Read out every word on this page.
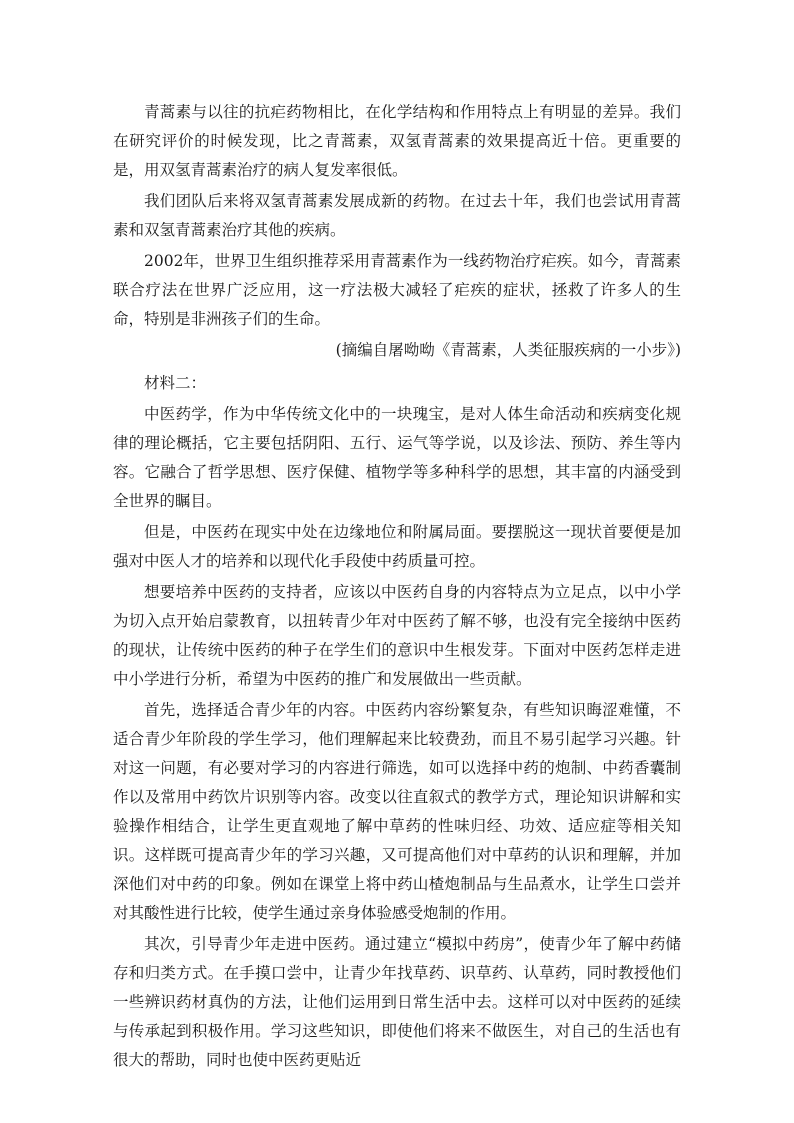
青蒿素与以往的抗疟药物相比，在化学结构和作用特点上有明显的差异。我们在研究评价的时候发现，比之青蒿素，双氢青蒿素的效果提高近十倍。更重要的是，用双氢青蒿素治疗的病人复发率很低。

我们团队后来将双氢青蒿素发展成新的药物。在过去十年，我们也尝试用青蒿素和双氢青蒿素治疗其他的疾病。

2002年，世界卫生组织推荐采用青蒿素作为一线药物治疗疟疾。如今，青蒿素联合疗法在世界广泛应用，这一疗法极大减轻了疟疾的症状，拯救了许多人的生命，特别是非洲孩子们的生命。

(摘编自屠呦呦《青蒿素，人类征服疾病的一小步》)

材料二：

中医药学，作为中华传统文化中的一块瑰宝，是对人体生命活动和疾病变化规律的理论概括，它主要包括阴阳、五行、运气等学说，以及诊法、预防、养生等内容。它融合了哲学思想、医疗保健、植物学等多种科学的思想，其丰富的内涵受到全世界的瞩目。

但是，中医药在现实中处在边缘地位和附属局面。要摆脱这一现状首要便是加强对中医人才的培养和以现代化手段使中药质量可控。

想要培养中医药的支持者，应该以中医药自身的内容特点为立足点，以中小学为切入点开始启蒙教育，以扭转青少年对中医药了解不够，也没有完全接纳中医药的现状，让传统中医药的种子在学生们的意识中生根发芽。下面对中医药怎样走进中小学进行分析，希望为中医药的推广和发展做出一些贡献。

首先，选择适合青少年的内容。中医药内容纷繁复杂，有些知识晦涩难懂，不适合青少年阶段的学生学习，他们理解起来比较费劲，而且不易引起学习兴趣。针对这一问题，有必要对学习的内容进行筛选，如可以选择中药的炮制、中药香囊制作以及常用中药饮片识别等内容。改变以往直叙式的教学方式，理论知识讲解和实验操作相结合，让学生更直观地了解中草药的性味归经、功效、适应症等相关知识。这样既可提高青少年的学习兴趣，又可提高他们对中草药的认识和理解，并加深他们对中药的印象。例如在课堂上将中药山楂炮制品与生品煮水，让学生口尝并对其酸性进行比较，使学生通过亲身体验感受炮制的作用。

其次，引导青少年走进中医药。通过建立“模拟中药房”，使青少年了解中药储存和归类方式。在手摸口尝中，让青少年找草药、识草药、认草药，同时教授他们一些辨识药材真伪的方法，让他们运用到日常生活中去。这样可以对中医药的延续与传承起到积极作用。学习这些知识，即使他们将来不做医生，对自己的生活也有很大的帮助，同时也使中医药更贴近
